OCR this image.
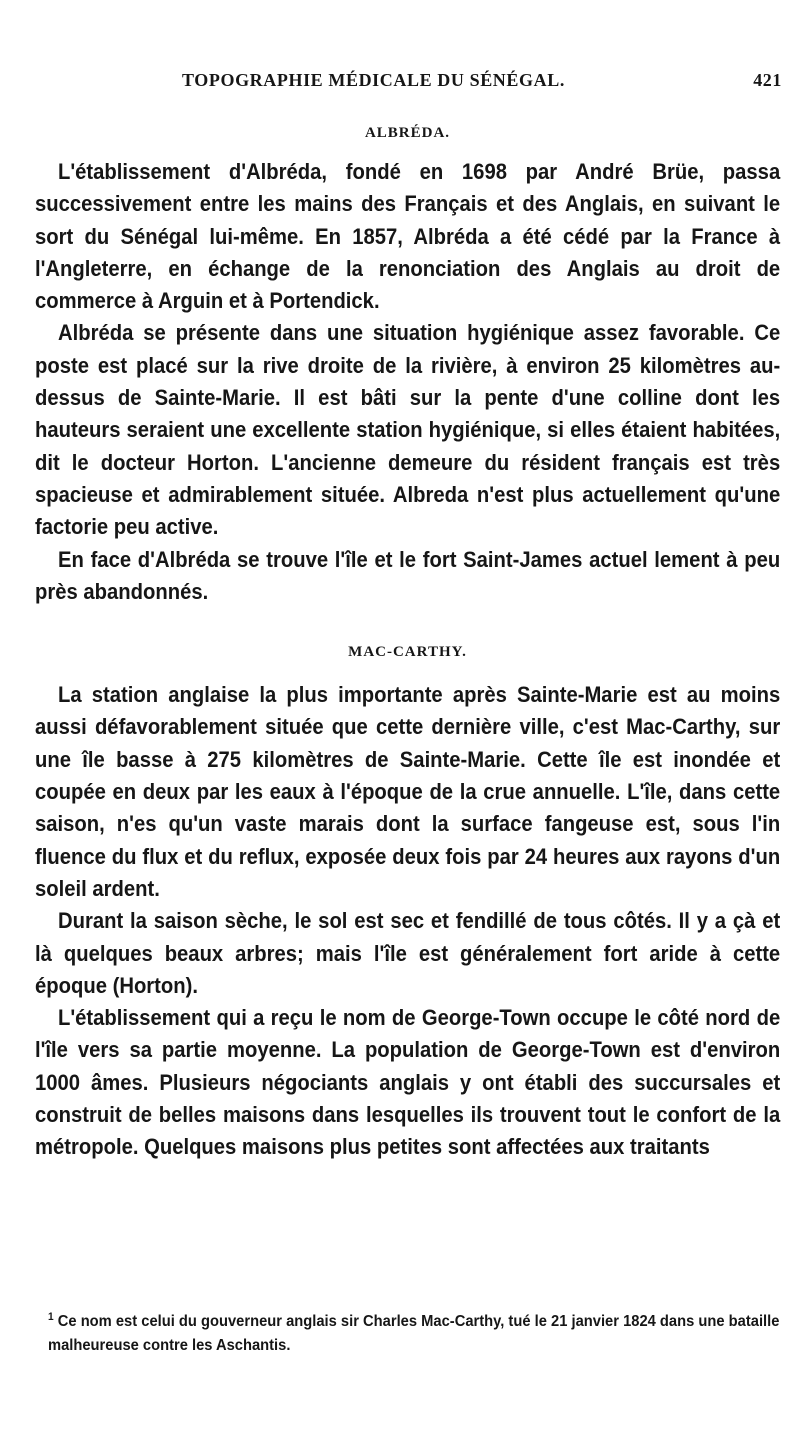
TOPOGRAPHIE MÉDICALE DU SÉNÉGAL.	421
ALBRÉDA.

L'établissement d'Albréda, fondé en 1698 par André Brüe, passa successivement entre les mains des Français et des Anglais, en suivant le sort du Sénégal lui-même. En 1857, Albréda a été cédé par la France à l'Angleterre, en échange de la renonciation des Anglais au droit de commerce à Arguin et à Portendick.

Albréda se présente dans une situation hygiénique assez favorable. Ce poste est placé sur la rive droite de la rivière, à environ 25 kilomètres au-dessus de Sainte-Marie. Il est bâti sur la pente d'une colline dont les hauteurs seraient une excellente station hygiénique, si elles étaient habitées, dit le docteur Horton. L'ancienne demeure du résident français est très spacieuse et admirablement située. Albreda n'est plus actuellement qu'une factorie peu active.

En face d'Albréda se trouve l'île et le fort Saint-James actuel lement à peu près abandonnés.

MAC-CARTHY.

La station anglaise la plus importante après Sainte-Marie est au moins aussi défavorablement située que cette dernière ville, c'est Mac-Carthy, sur une île basse à 275 kilomètres de Sainte-Marie. Cette île est inondée et coupée en deux par les eaux à l'époque de la crue annuelle. L'île, dans cette saison, n'es qu'un vaste marais dont la surface fangeuse est, sous l'in fluence du flux et du reflux, exposée deux fois par 24 heures aux rayons d'un soleil ardent.

Durant la saison sèche, le sol est sec et fendillé de tous côtés. Il y a çà et là quelques beaux arbres; mais l'île est généralement fort aride à cette époque (Horton).

L'établissement qui a reçu le nom de George-Town occupe le côté nord de l'île vers sa partie moyenne. La population de George-Town est d'environ 1000 âmes. Plusieurs négociants anglais y ont établi des succursales et construit de belles maisons dans lesquelles ils trouvent tout le confort de la métropole. Quelques maisons plus petites sont affectées aux traitants

$^1$ Ce nom est celui du gouverneur anglais sir Charles Mac-Carthy, tué le 21 janvier 1824 dans une bataille malheureuse contre les Aschantis.
